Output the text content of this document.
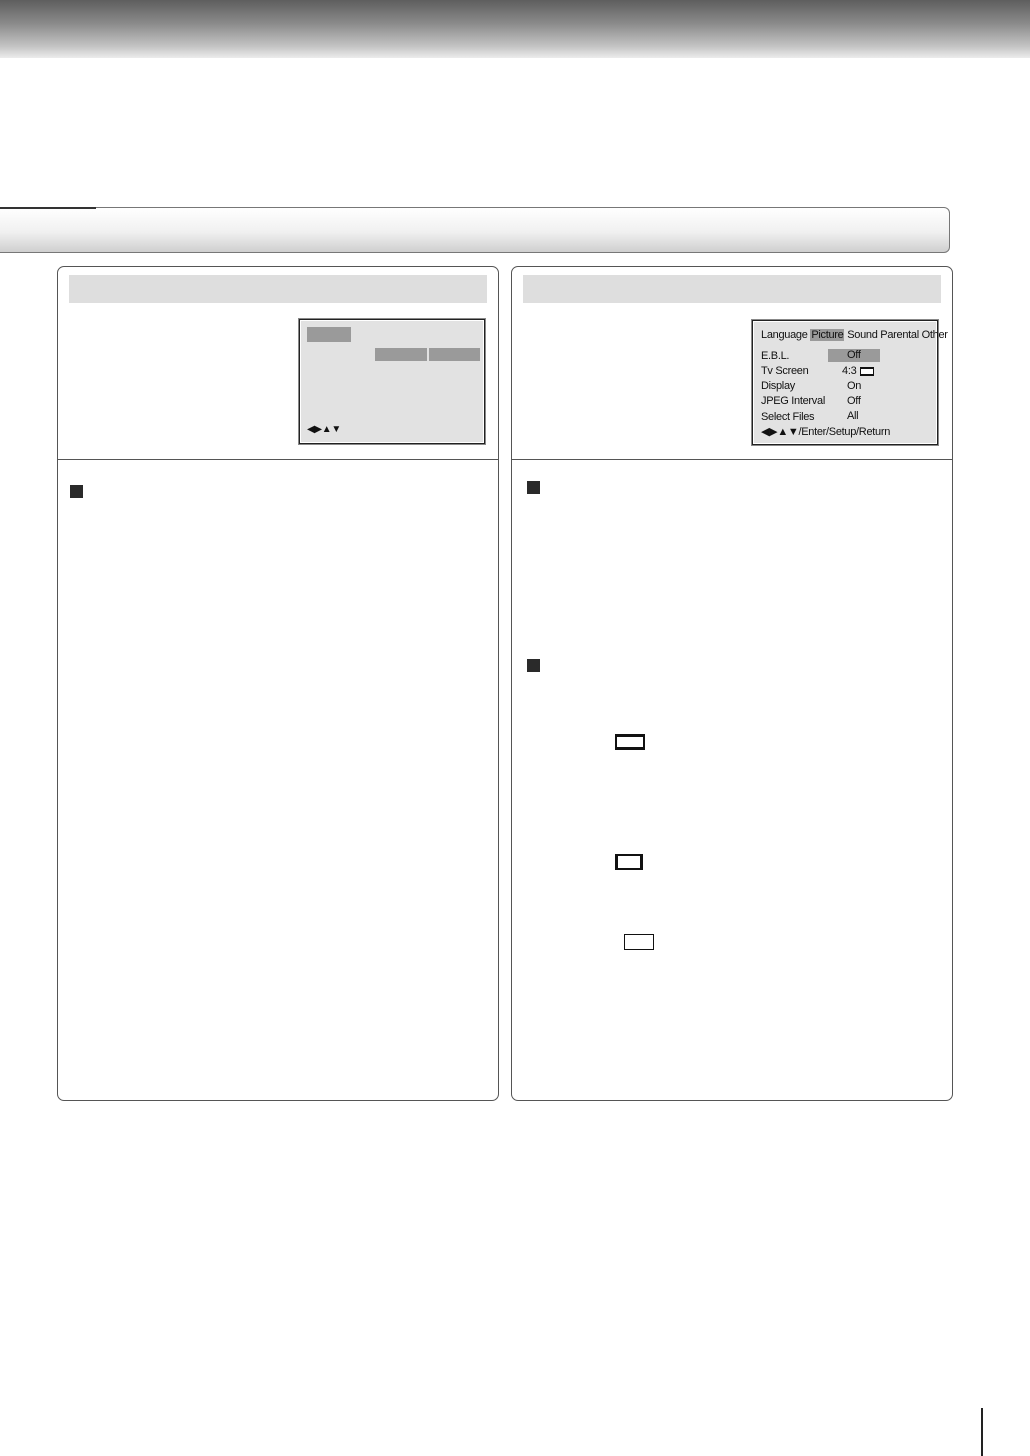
◀▶▲▼
Language Picture Sound Parental Other
E.B.L.	Off
Tv Screen	4:3
Display	On
JPEG Interval Off
Select Files	All
◀▶▲▼/Enter/Setup/Return
